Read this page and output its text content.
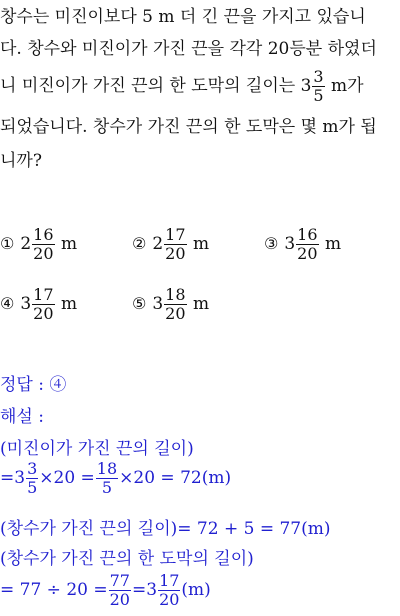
창수는 미진이보다 5 m 더 긴 끈을 가지고 있습니
다. 창수와 미진이가 가진 끈을 각각 20등분 하였더
니 미진이가 가진 끈의 한 도막의 길이는 $3 \frac{3}{5}$ m가
되었습니다. 창수가 가진 끈의 한 도막은 몇 m가 됩
니까?
① $2 \frac{16}{20}$ m	② $2 \frac{17}{20}$ m	③ $3 \frac{16}{20}$ m
④ $3 \frac{17}{20}$ m	⑤ $3 \frac{18}{20}$ m
정답 : ④
해설 :
(미진이가 가진 끈의 길이)
$=3 \frac{3}{5} \times 20 = \frac{18}{5} \times 20 = 72(m)$
(창수가 가진 끈의 길이)= 72 + 5 = 77(m)
(창수가 가진 끈의 한 도막의 길이)
= $77 \div 20 = \frac{77}{20} =3 \frac{17}{20} (m)$
